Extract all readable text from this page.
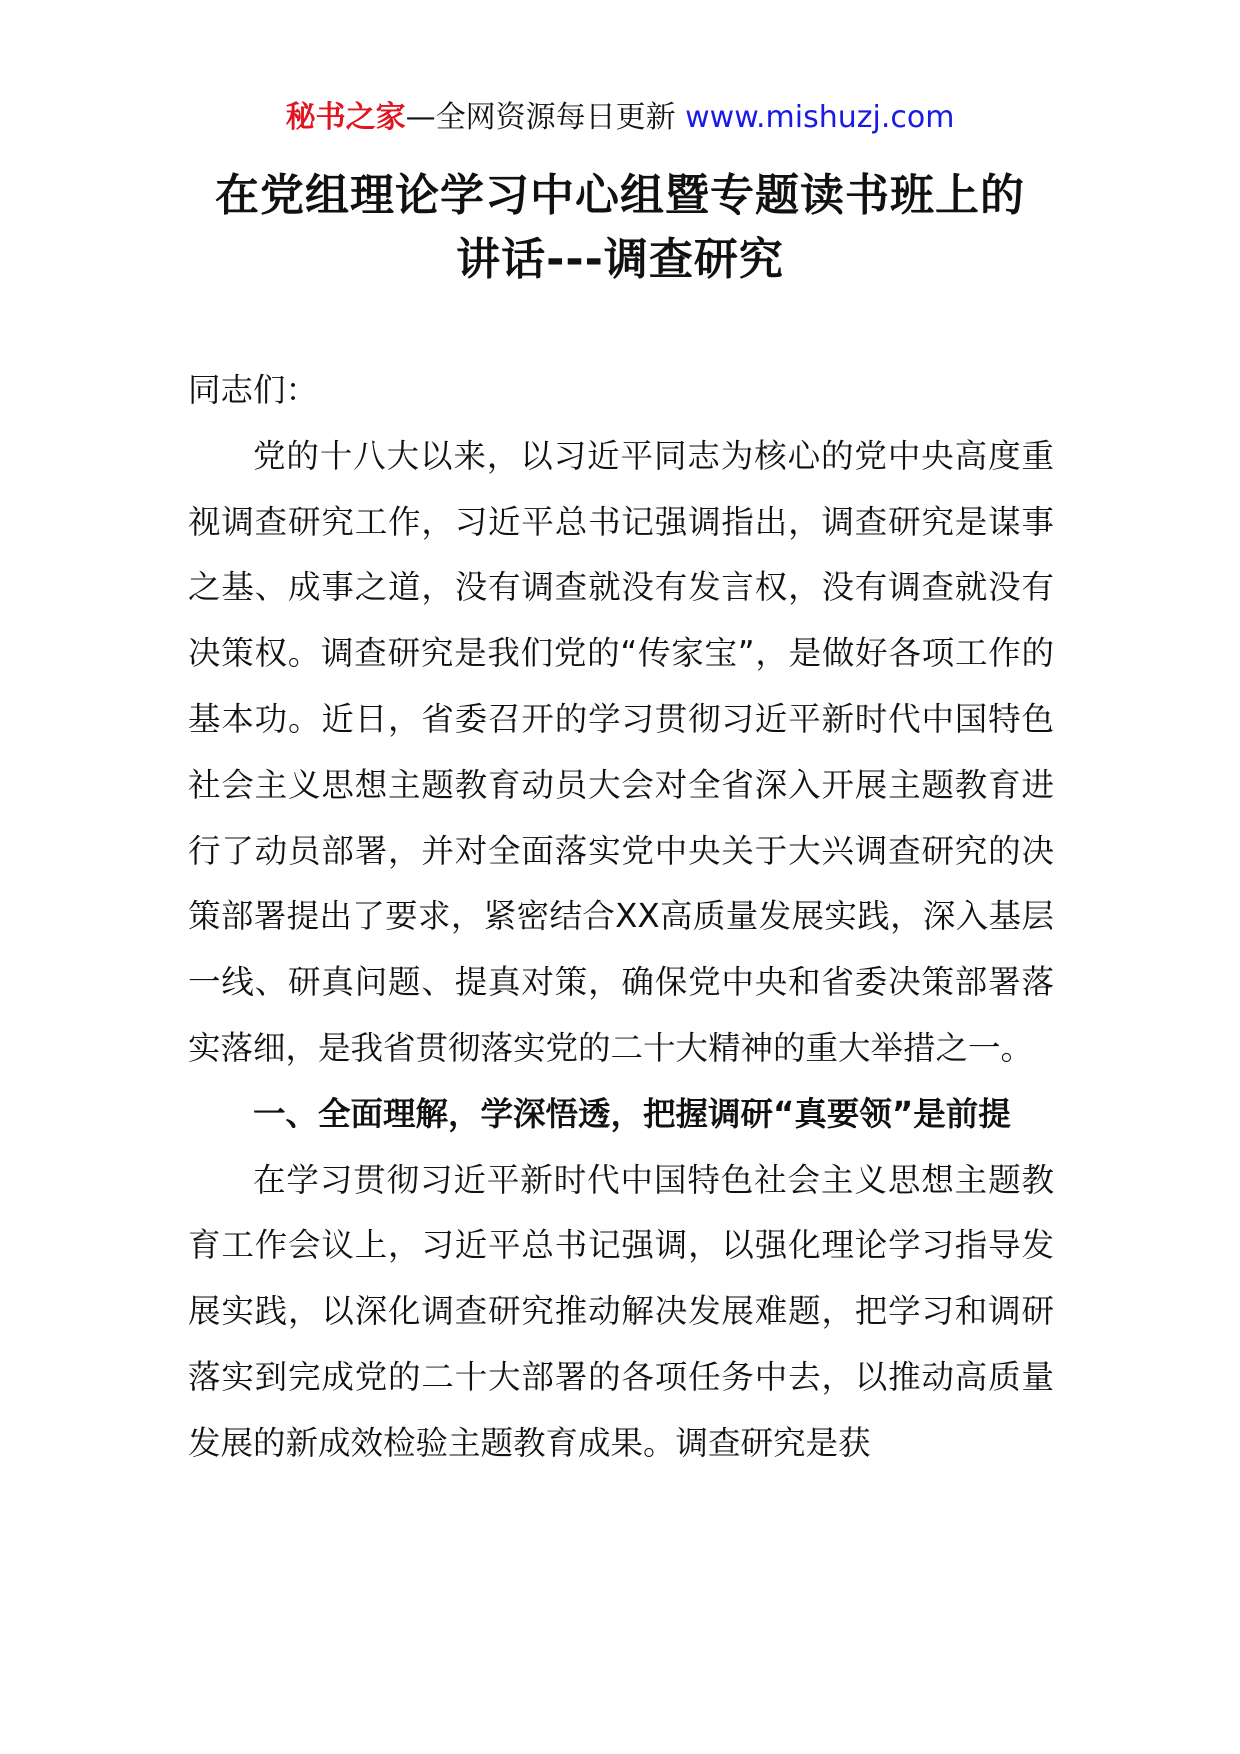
秘书之家—全网资源每日更新 www.mishuzj.com
在党组理论学习中心组暨专题读书班上的
讲话---调查研究

同志们：

党的十八大以来，以习近平同志为核心的党中央高度重视调查研究工作，习近平总书记强调指出，调查研究是谋事之基、成事之道，没有调查就没有发言权，没有调查就没有决策权。调查研究是我们党的“传家宝”，是做好各项工作的基本功。近日，省委召开的学习贯彻习近平新时代中国特色社会主义思想主题教育动员大会对全省深入开展主题教育进行了动员部署，并对全面落实党中央关于大兴调查研究的决策部署提出了要求，紧密结合XX高质量发展实践，深入基层一线、研真问题、提真对策，确保党中央和省委决策部署落实落细，是我省贯彻落实党的二十大精神的重大举措之一。

一、全面理解，学深悟透，把握调研“真要领”是前提

在学习贯彻习近平新时代中国特色社会主义思想主题教育工作会议上，习近平总书记强调，以强化理论学习指导发展实践，以深化调查研究推动解决发展难题，把学习和调研落实到完成党的二十大部署的各项任务中去，以推动高质量发展的新成效检验主题教育成果。调查研究是获
